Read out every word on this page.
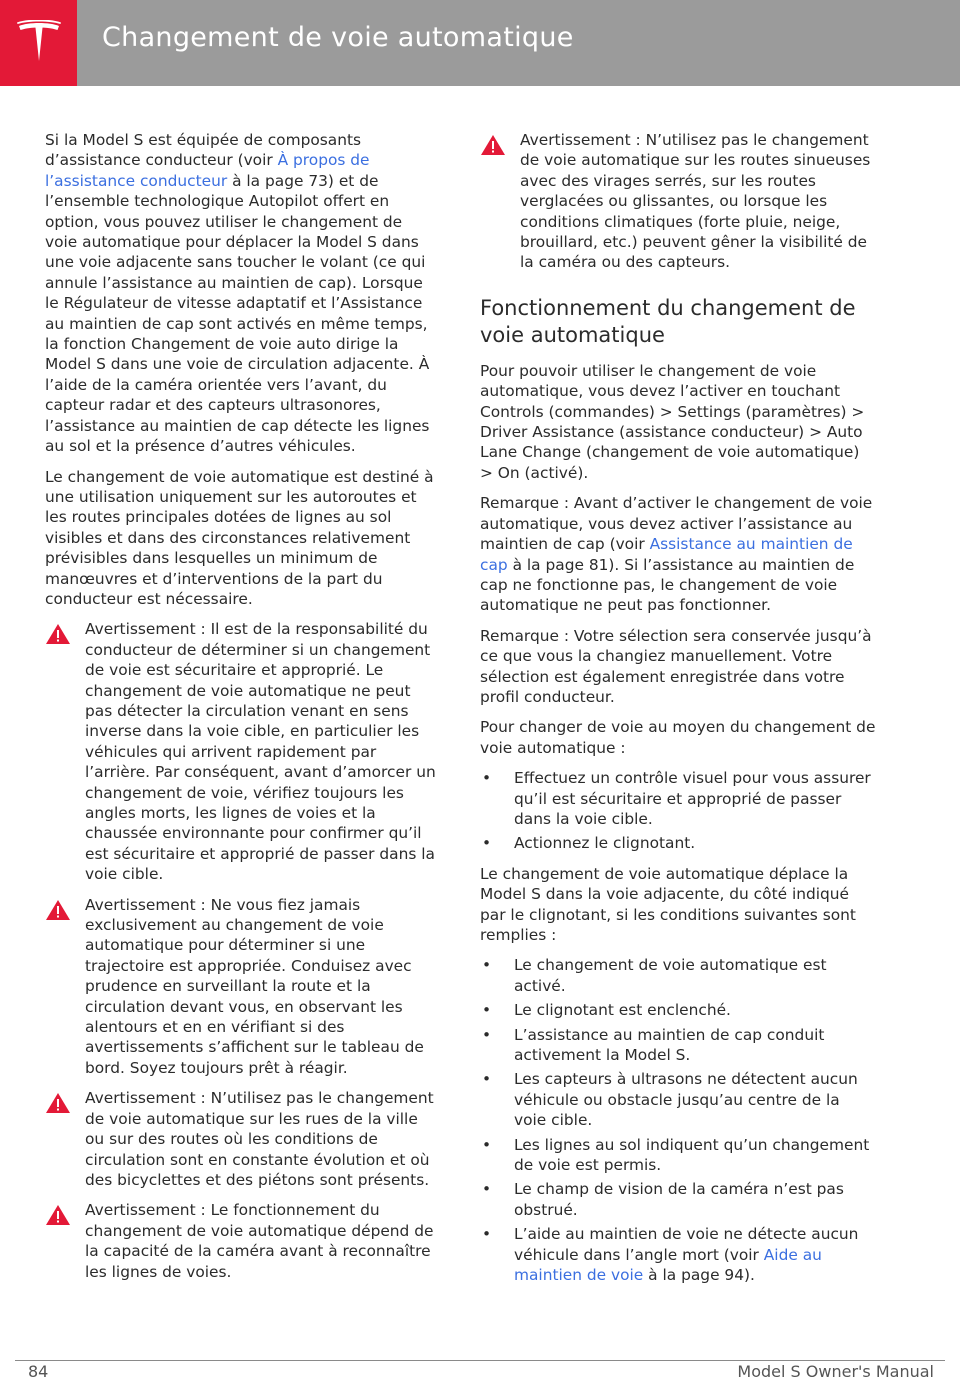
Changement de voie automatique

Si la Model S est équipée de composants d’assistance conducteur (voir À propos de l’assistance conducteur à la page 73) et de l’ensemble technologique Autopilot offert en option, vous pouvez utiliser le changement de voie automatique pour déplacer la Model S dans une voie adjacente sans toucher le volant (ce qui annule l’assistance au maintien de cap). Lorsque le Régulateur de vitesse adaptatif et l’Assistance au maintien de cap sont activés en même temps, la fonction Changement de voie auto dirige la Model S dans une voie de circulation adjacente. À l’aide de la caméra orientée vers l’avant, du capteur radar et des capteurs ultrasonores, l’assistance au maintien de cap détecte les lignes au sol et la présence d’autres véhicules.

Le changement de voie automatique est destiné à une utilisation uniquement sur les autoroutes et les routes principales dotées de lignes au sol visibles et dans des circonstances relativement prévisibles dans lesquelles un minimum de manœuvres et d’interventions de la part du conducteur est nécessaire.

Avertissement : Il est de la responsabilité du conducteur de déterminer si un changement de voie est sécuritaire et approprié. Le changement de voie automatique ne peut pas détecter la circulation venant en sens inverse dans la voie cible, en particulier les véhicules qui arrivent rapidement par l’arrière. Par conséquent, avant d’amorcer un changement de voie, vérifiez toujours les angles morts, les lignes de voies et la chaussée environnante pour confirmer qu’il est sécuritaire et approprié de passer dans la voie cible.
Avertissement : Ne vous fiez jamais exclusivement au changement de voie automatique pour déterminer si une trajectoire est appropriée. Conduisez avec prudence en surveillant la route et la circulation devant vous, en observant les alentours et en en vérifiant si des avertissements s’affichent sur le tableau de bord. Soyez toujours prêt à réagir.
Avertissement : N’utilisez pas le changement de voie automatique sur les rues de la ville ou sur des routes où les conditions de circulation sont en constante évolution et où des bicyclettes et des piétons sont présents.
Avertissement : Le fonctionnement du changement de voie automatique dépend de la capacité de la caméra avant à reconnaître les lignes de voies.
Avertissement : N’utilisez pas le changement de voie automatique sur les routes sinueuses avec des virages serrés, sur les routes verglacées ou glissantes, ou lorsque les conditions climatiques (forte pluie, neige, brouillard, etc.) peuvent gêner la visibilité de la caméra ou des capteurs.
Fonctionnement du changement de voie automatique

Pour pouvoir utiliser le changement de voie automatique, vous devez l’activer en touchant Controls (commandes) > Settings (paramètres) > Driver Assistance (assistance conducteur) > Auto Lane Change (changement de voie automatique) > On (activé).

Remarque : Avant d’activer le changement de voie automatique, vous devez activer l’assistance au maintien de cap (voir Assistance au maintien de cap à la page 81). Si l’assistance au maintien de cap ne fonctionne pas, le changement de voie automatique ne peut pas fonctionner.

Remarque : Votre sélection sera conservée jusqu’à ce que vous la changiez manuellement. Votre sélection est également enregistrée dans votre profil conducteur.

Pour changer de voie au moyen du changement de voie automatique :

• Effectuez un contrôle visuel pour vous assurer qu’il est sécuritaire et approprié de passer dans la voie cible.
• Actionnez le clignotant.

Le changement de voie automatique déplace la Model S dans la voie adjacente, du côté indiqué par le clignotant, si les conditions suivantes sont remplies :

• Le changement de voie automatique est activé.
• Le clignotant est enclenché.
• L’assistance au maintien de cap conduit activement la Model S.
• Les capteurs à ultrasons ne détectent aucun véhicule ou obstacle jusqu’au centre de la voie cible.
• Les lignes au sol indiquent qu’un changement de voie est permis.
• Le champ de vision de la caméra n’est pas obstrué.
• L’aide au maintien de voie ne détecte aucun véhicule dans l’angle mort (voir Aide au maintien de voie à la page 94).
84	Model S Owner's Manual
